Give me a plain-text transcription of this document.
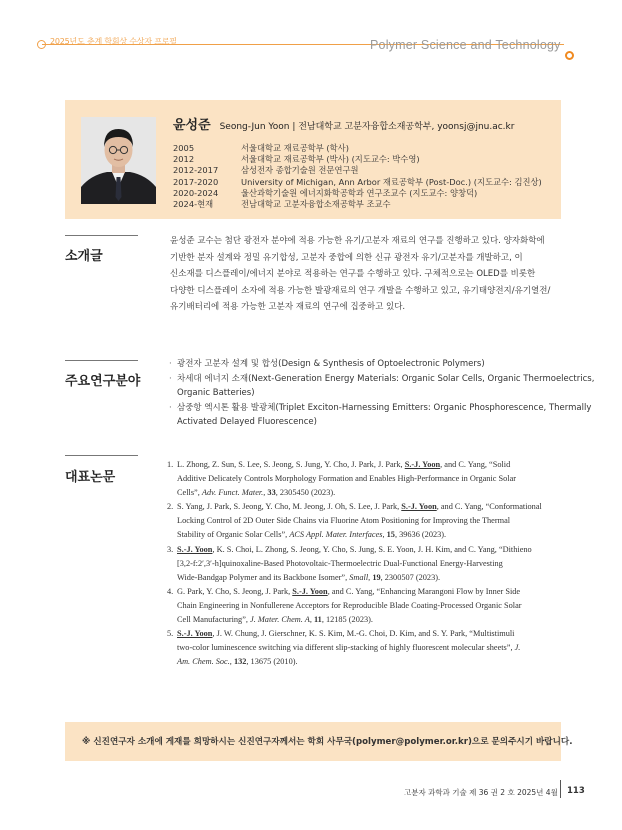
2025년도 춘계 학회상 수상자 프로필	Polymer Science and Technology
윤성준 Seong-Jun Yoon | 전남대학교 고분자융합소재공학부, yoonsj@jnu.ac.kr
2005	서울대학교 재료공학부 (학사)
2012	서울대학교 재료공학부 (박사) (지도교수: 박수영)
2012-2017	삼성전자 종합기술원 전문연구원
2017-2020	University of Michigan, Ann Arbor 재료공학부 (Post-Doc.) (지도교수: 김진상)
2020-2024	울산과학기술원 에너지화학공학과 연구조교수 (지도교수: 양창덕)
2024-현재	전남대학교 고분자융합소재공학부 조교수
소개글
윤성준 교수는 첨단 광전자 분야에 적용 가능한 유기/고분자 재료의 연구를 진행하고 있다. 양자화학에
기반한 분자 설계와 정밀 유기합성, 고분자 중합에 의한 신규 광전자 유기/고분자를 개발하고, 이
신소재를 디스플레이/에너지 분야로 적용하는 연구를 수행하고 있다. 구체적으로는 OLED를 비롯한
다양한 디스플레이 소자에 적용 가능한 발광재료의 연구 개발을 수행하고 있고, 유기태양전지/유기열전/
유기배터리에 적용 가능한 고분자 재료의 연구에 집중하고 있다.
주요연구분야
· 광전자 고분자 설계 및 합성(Design & Synthesis of Optoelectronic Polymers)
· 차세대 에너지 소재(Next-Generation Energy Materials: Organic Solar Cells, Organic Thermoelectrics,
Organic Batteries)
· 삼중항 엑시톤 활용 발광체(Triplet Exciton-Harnessing Emitters: Organic Phosphorescence, Thermally
Activated Delayed Fluorescence)
대표논문
1. L. Zhong, Z. Sun, S. Lee, S. Jeong, S. Jung, Y. Cho, J. Park, J. Park, S.-J. Yoon, and C. Yang, “Solid
Additive Delicately Controls Morphology Formation and Enables High-Performance in Organic Solar
Cells”, Adv. Funct. Mater., 33, 2305450 (2023).
2. S. Yang, J. Park, S. Jeong, Y. Cho, M. Jeong, J. Oh, S. Lee, J. Park, S.-J. Yoon, and C. Yang, “Conformational
Locking Control of 2D Outer Side Chains via Fluorine Atom Positioning for Improving the Thermal
Stability of Organic Solar Cells”, ACS Appl. Mater. Interfaces, 15, 39636 (2023).
3. S.-J. Yoon, K. S. Choi, L. Zhong, S. Jeong, Y. Cho, S. Jung, S. E. Yoon, J. H. Kim, and C. Yang, “Dithieno
[3,2-f:2′,3′-h]quinoxaline-Based Photovoltaic-Thermoelectric Dual-Functional Energy-Harvesting
Wide-Bandgap Polymer and its Backbone Isomer”, Small, 19, 2300507 (2023).
4. G. Park, Y. Cho, S. Jeong, J. Park, S.-J. Yoon, and C. Yang, “Enhancing Marangoni Flow by Inner Side
Chain Engineering in Nonfullerene Acceptors for Reproducible Blade Coating-Processed Organic Solar
Cell Manufacturing”, J. Mater. Chem. A, 11, 12185 (2023).
5. S.-J. Yoon, J. W. Chung, J. Gierschner, K. S. Kim, M.-G. Choi, D. Kim, and S. Y. Park, “Multistimuli
two-color luminescence switching via different slip-stacking of highly fluorescent molecular sheets”, J.
Am. Chem. Soc., 132, 13675 (2010).
※ 신진연구자 소개에 게재를 희망하시는 신진연구자께서는 학회 사무국(polymer@polymer.or.kr)으로 문의주시기 바랍니다.
고분자 과학과 기술 제 36 권 2 호 2025년 4월 113
